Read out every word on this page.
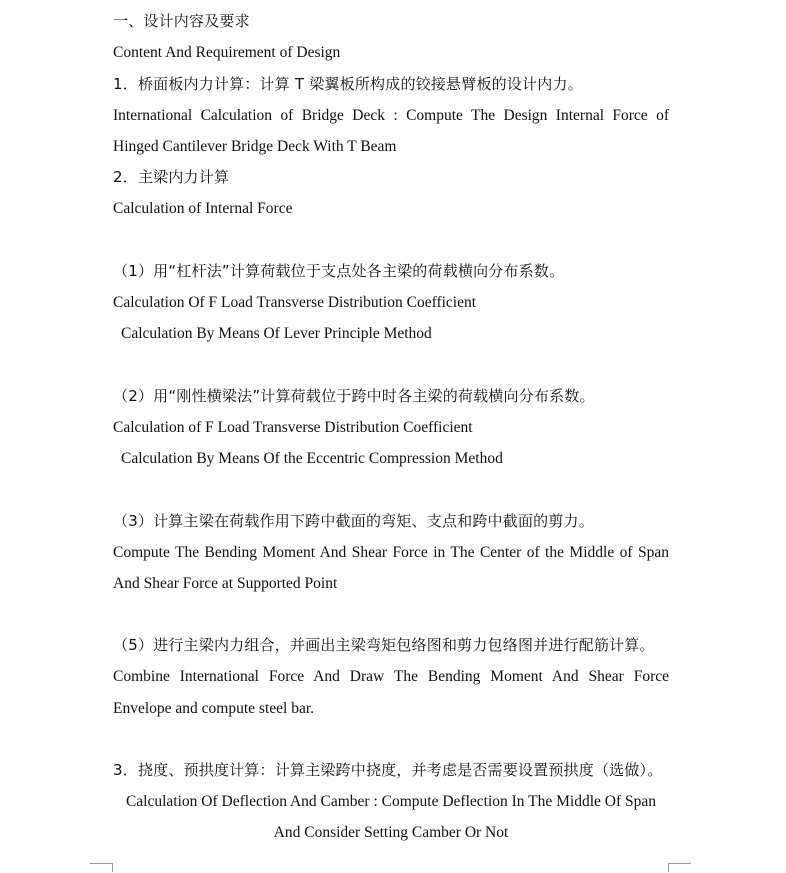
一、设计内容及要求
Content And Requirement of Design
1．桥面板内力计算：计算 T 梁翼板所构成的铰接悬臂板的设计内力。
International Calculation of Bridge Deck : Compute The Design Internal Force of
Hinged Cantilever Bridge Deck With T Beam
2．主梁内力计算
Calculation of Internal Force
（1）用“杠杆法”计算荷载位于支点处各主梁的荷载横向分布系数。
Calculation Of F Load Transverse Distribution Coefficient
Calculation By Means Of Lever Principle Method
（2）用“刚性横梁法”计算荷载位于跨中时各主梁的荷载横向分布系数。
Calculation of F Load Transverse Distribution Coefficient
Calculation By Means Of the Eccentric Compression Method
（3）计算主梁在荷载作用下跨中截面的弯矩、支点和跨中截面的剪力。
Compute The Bending Moment And Shear Force in The Center of the Middle of Span
And Shear Force at Supported Point
（5）进行主梁内力组合，并画出主梁弯矩包络图和剪力包络图并进行配筋计算。
Combine International Force And Draw The Bending Moment And Shear Force
Envelope and compute steel bar.
3．挠度、预拱度计算：计算主梁跨中挠度，并考虑是否需要设置预拱度（选做）。
Calculation Of Deflection And Camber : Compute Deflection In The Middle Of Span
And Consider Setting Camber Or Not
